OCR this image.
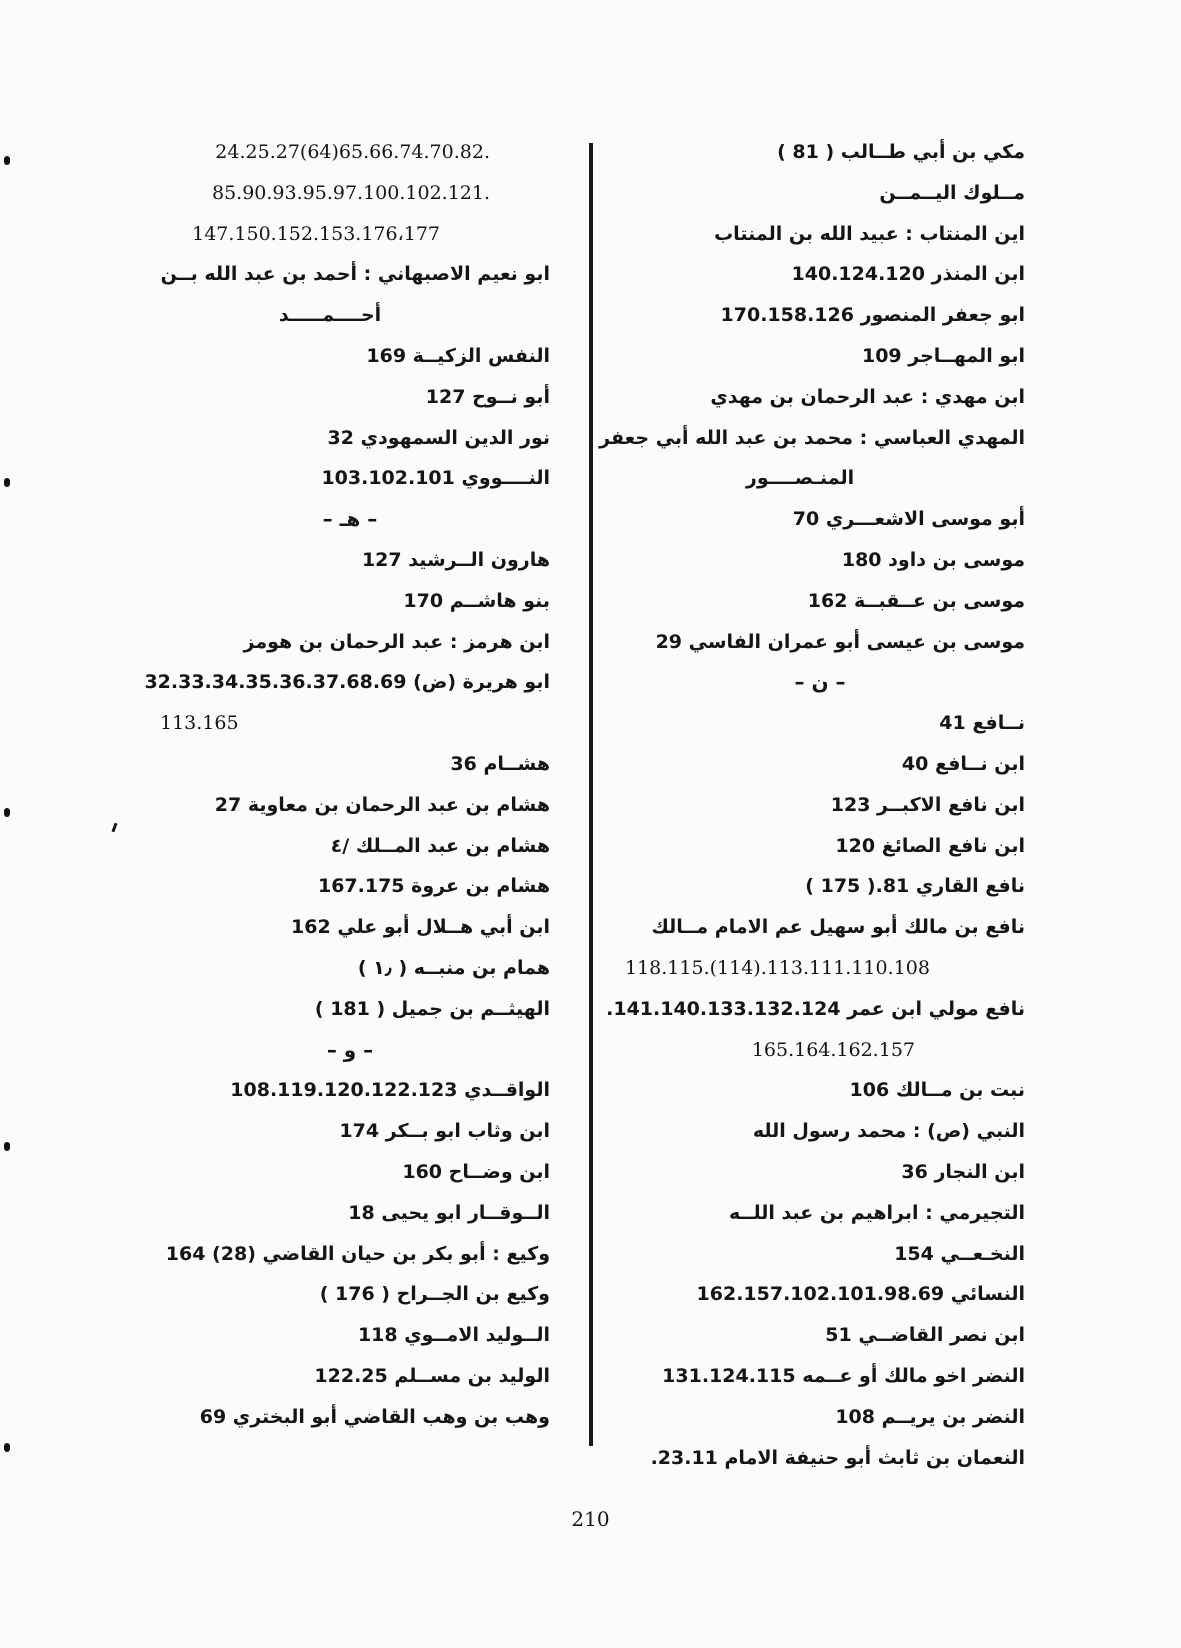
مكي بن أبي طــالب ( 81 )
مــلوك اليــمــن
اين المنتاب : عبيد الله بن المنتاب
ابن المنذر 140.124.120
ابو جعفر المنصور 170.158.126
ابو المهــاجر 109
ابن مهدي : عبد الرحمان بن مهدي
المهدي العباسي : محمد بن عبد الله أبي جعفر
المنـصــــور
أبو موسى الاشعـــري 70
موسى بن داود 180
موسى بن عــقبــة 162
موسى بن عيسى أبو عمران الفاسي 29
– ن –
نــافع 41
ابن نــافع 40
ابن نافع الاكبــر 123
ابن نافع الصائغ 120
نافع القاري 81.( 175 )
نافع بن مالك أبو سهيل عم الامام مــالك
118.115.(114).113.111.110.108
نافع مولي ابن عمر 141.140.133.132.124.
165.164.162.157
نبت بن مــالك 106
النبي (ص) : محمد رسول الله
ابن النجار 36
التجيرمي : ابراهيم بن عبد اللــه
النخـعــي 154
النسائي 162.157.102.101.98.69
ابن نصر القاضــي 51
النضر اخو مالك أو عــمه 131.124.115
النضر بن يريــم 108
النعمان بن ثابث أبو حنيفة الامام 23.11.
24.25.27(64)65.66.74.70.82.
85.90.93.95.97.100.102.121.
147.150.152.153.176،177
ابو نعيم الاصبهاني : أحمد بن عبد الله بــن
أحــــمـــــد
النفس الزكيــة 169
أبو نــوح 127
نور الدين السمهودي 32
النــــووي 103.102.101
– هـ –
هارون الــرشيد 127
بنو هاشــم 170
ابن هرمز : عبد الرحمان بن هومز
ابو هريرة (ض) 32.33.34.35.36.37.68.69
113.165
هشــام 36
هشام بن عبد الرحمان بن معاوية 27
هشام بن عبد المــلك /٤
هشام بن عروة 167.175
ابن أبي هــلال أبو علي 162
همام بن منبــه ( ١٫ )
الهيثــم بن جميل ( 181 )
– و –
الواقــدي 108.119.120.122.123
ابن وثاب ابو بــكر 174
ابن وضــاح 160
الــوقــار ابو يحيى 18
وكيع : أبو بكر بن حيان القاضي (28) 164
وكيع بن الجــراح ( 176 )
الــوليد الامــوي 118
الوليد بن مســلم 122.25
وهب بن وهب القاضي أبو البختري 69
210
